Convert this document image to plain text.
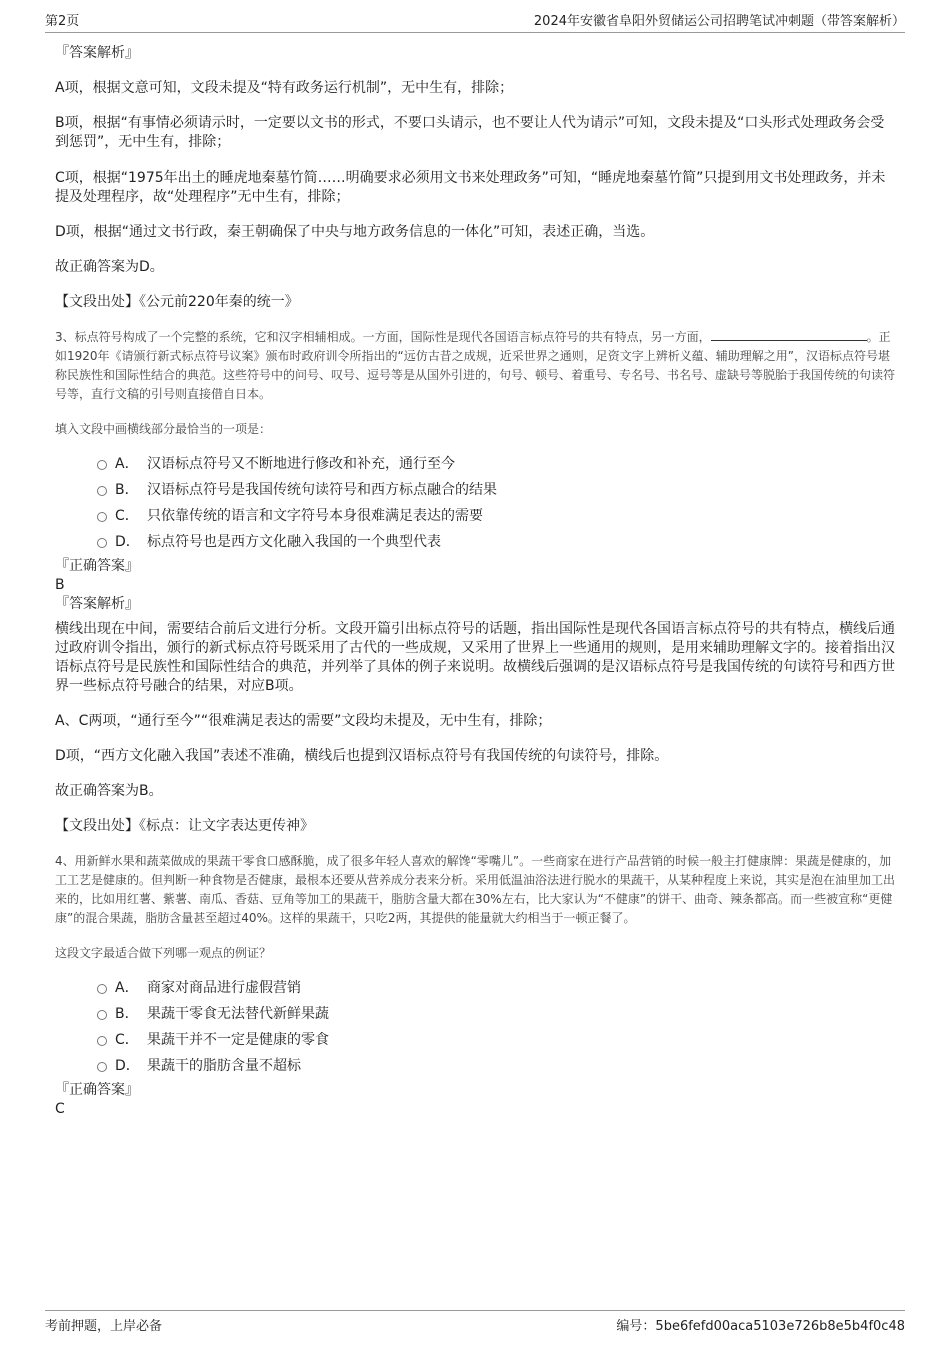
第2页	2024年安徽省阜阳外贸储运公司招聘笔试冲刺题（带答案解析）

『答案解析』

A项，根据文意可知，文段未提及“特有政务运行机制”，无中生有，排除；

B项，根据“有事情必须请示时，一定要以文书的形式，不要口头请示，也不要让人代为请示”可知，文段未提及“口头形式处理政务会受到惩罚”，无中生有，排除；

C项，根据“1975年出土的睡虎地秦墓竹简……明确要求必须用文书来处理政务”可知，“睡虎地秦墓竹简”只提到用文书处理政务，并未提及处理程序，故“处理程序”无中生有，排除；

D项，根据“通过文书行政，秦王朝确保了中央与地方政务信息的一体化”可知，表述正确，当选。

故正确答案为D。

【文段出处】《公元前220年秦的统一》

3、标点符号构成了一个完整的系统，它和汉字相辅相成。一方面，国际性是现代各国语言标点符号的共有特点，另一方面，	。正如1920年《请颁行新式标点符号议案》颁布时政府训令所指出的“远仿古昔之成规，近采世界之通则，足资文字上辨析义蕴、辅助理解之用”，汉语标点符号堪称民族性和国际性结合的典范。这些符号中的问号、叹号、逗号等是从国外引进的，句号、顿号、着重号、专名号、书名号、虚缺号等脱胎于我国传统的句读符号等，直行文稿的引号则直接借自日本。

填入文段中画横线部分最恰当的一项是：

A． 汉语标点符号又不断地进行修改和补充，通行至今
B． 汉语标点符号是我国传统句读符号和西方标点融合的结果
C． 只依靠传统的语言和文字符号本身很难满足表达的需要
D． 标点符号也是西方文化融入我国的一个典型代表

『正确答案』

B

『答案解析』

横线出现在中间，需要结合前后文进行分析。文段开篇引出标点符号的话题，指出国际性是现代各国语言标点符号的共有特点，横线后通过政府训令指出，颁行的新式标点符号既采用了古代的一些成规，又采用了世界上一些通用的规则，是用来辅助理解文字的。接着指出汉语标点符号是民族性和国际性结合的典范，并列举了具体的例子来说明。故横线后强调的是汉语标点符号是我国传统的句读符号和西方世界一些标点符号融合的结果，对应B项。

A、C两项，“通行至今”“很难满足表达的需要”文段均未提及，无中生有，排除；

D项，“西方文化融入我国”表述不准确，横线后也提到汉语标点符号有我国传统的句读符号，排除。

故正确答案为B。

【文段出处】《标点：让文字表达更传神》

4、用新鲜水果和蔬菜做成的果蔬干零食口感酥脆，成了很多年轻人喜欢的解馋“零嘴儿”。一些商家在进行产品营销的时候一般主打健康牌：果蔬是健康的，加工工艺是健康的。但判断一种食物是否健康，最根本还要从营养成分表来分析。采用低温油浴法进行脱水的果蔬干，从某种程度上来说，其实是泡在油里加工出来的，比如用红薯、紫薯、南瓜、香菇、豆角等加工的果蔬干，脂肪含量大都在30%左右，比大家认为“不健康”的饼干、曲奇、辣条都高。而一些被宣称“更健康”的混合果蔬，脂肪含量甚至超过40%。这样的果蔬干，只吃2两，其提供的能量就大约相当于一顿正餐了。

这段文字最适合做下列哪一观点的例证？

A． 商家对商品进行虚假营销
B． 果蔬干零食无法替代新鲜果蔬
C． 果蔬干并不一定是健康的零食
D． 果蔬干的脂肪含量不超标

『正确答案』

C

考前押题，上岸必备	编号：5be6fefd00aca5103e726b8e5b4f0c48
